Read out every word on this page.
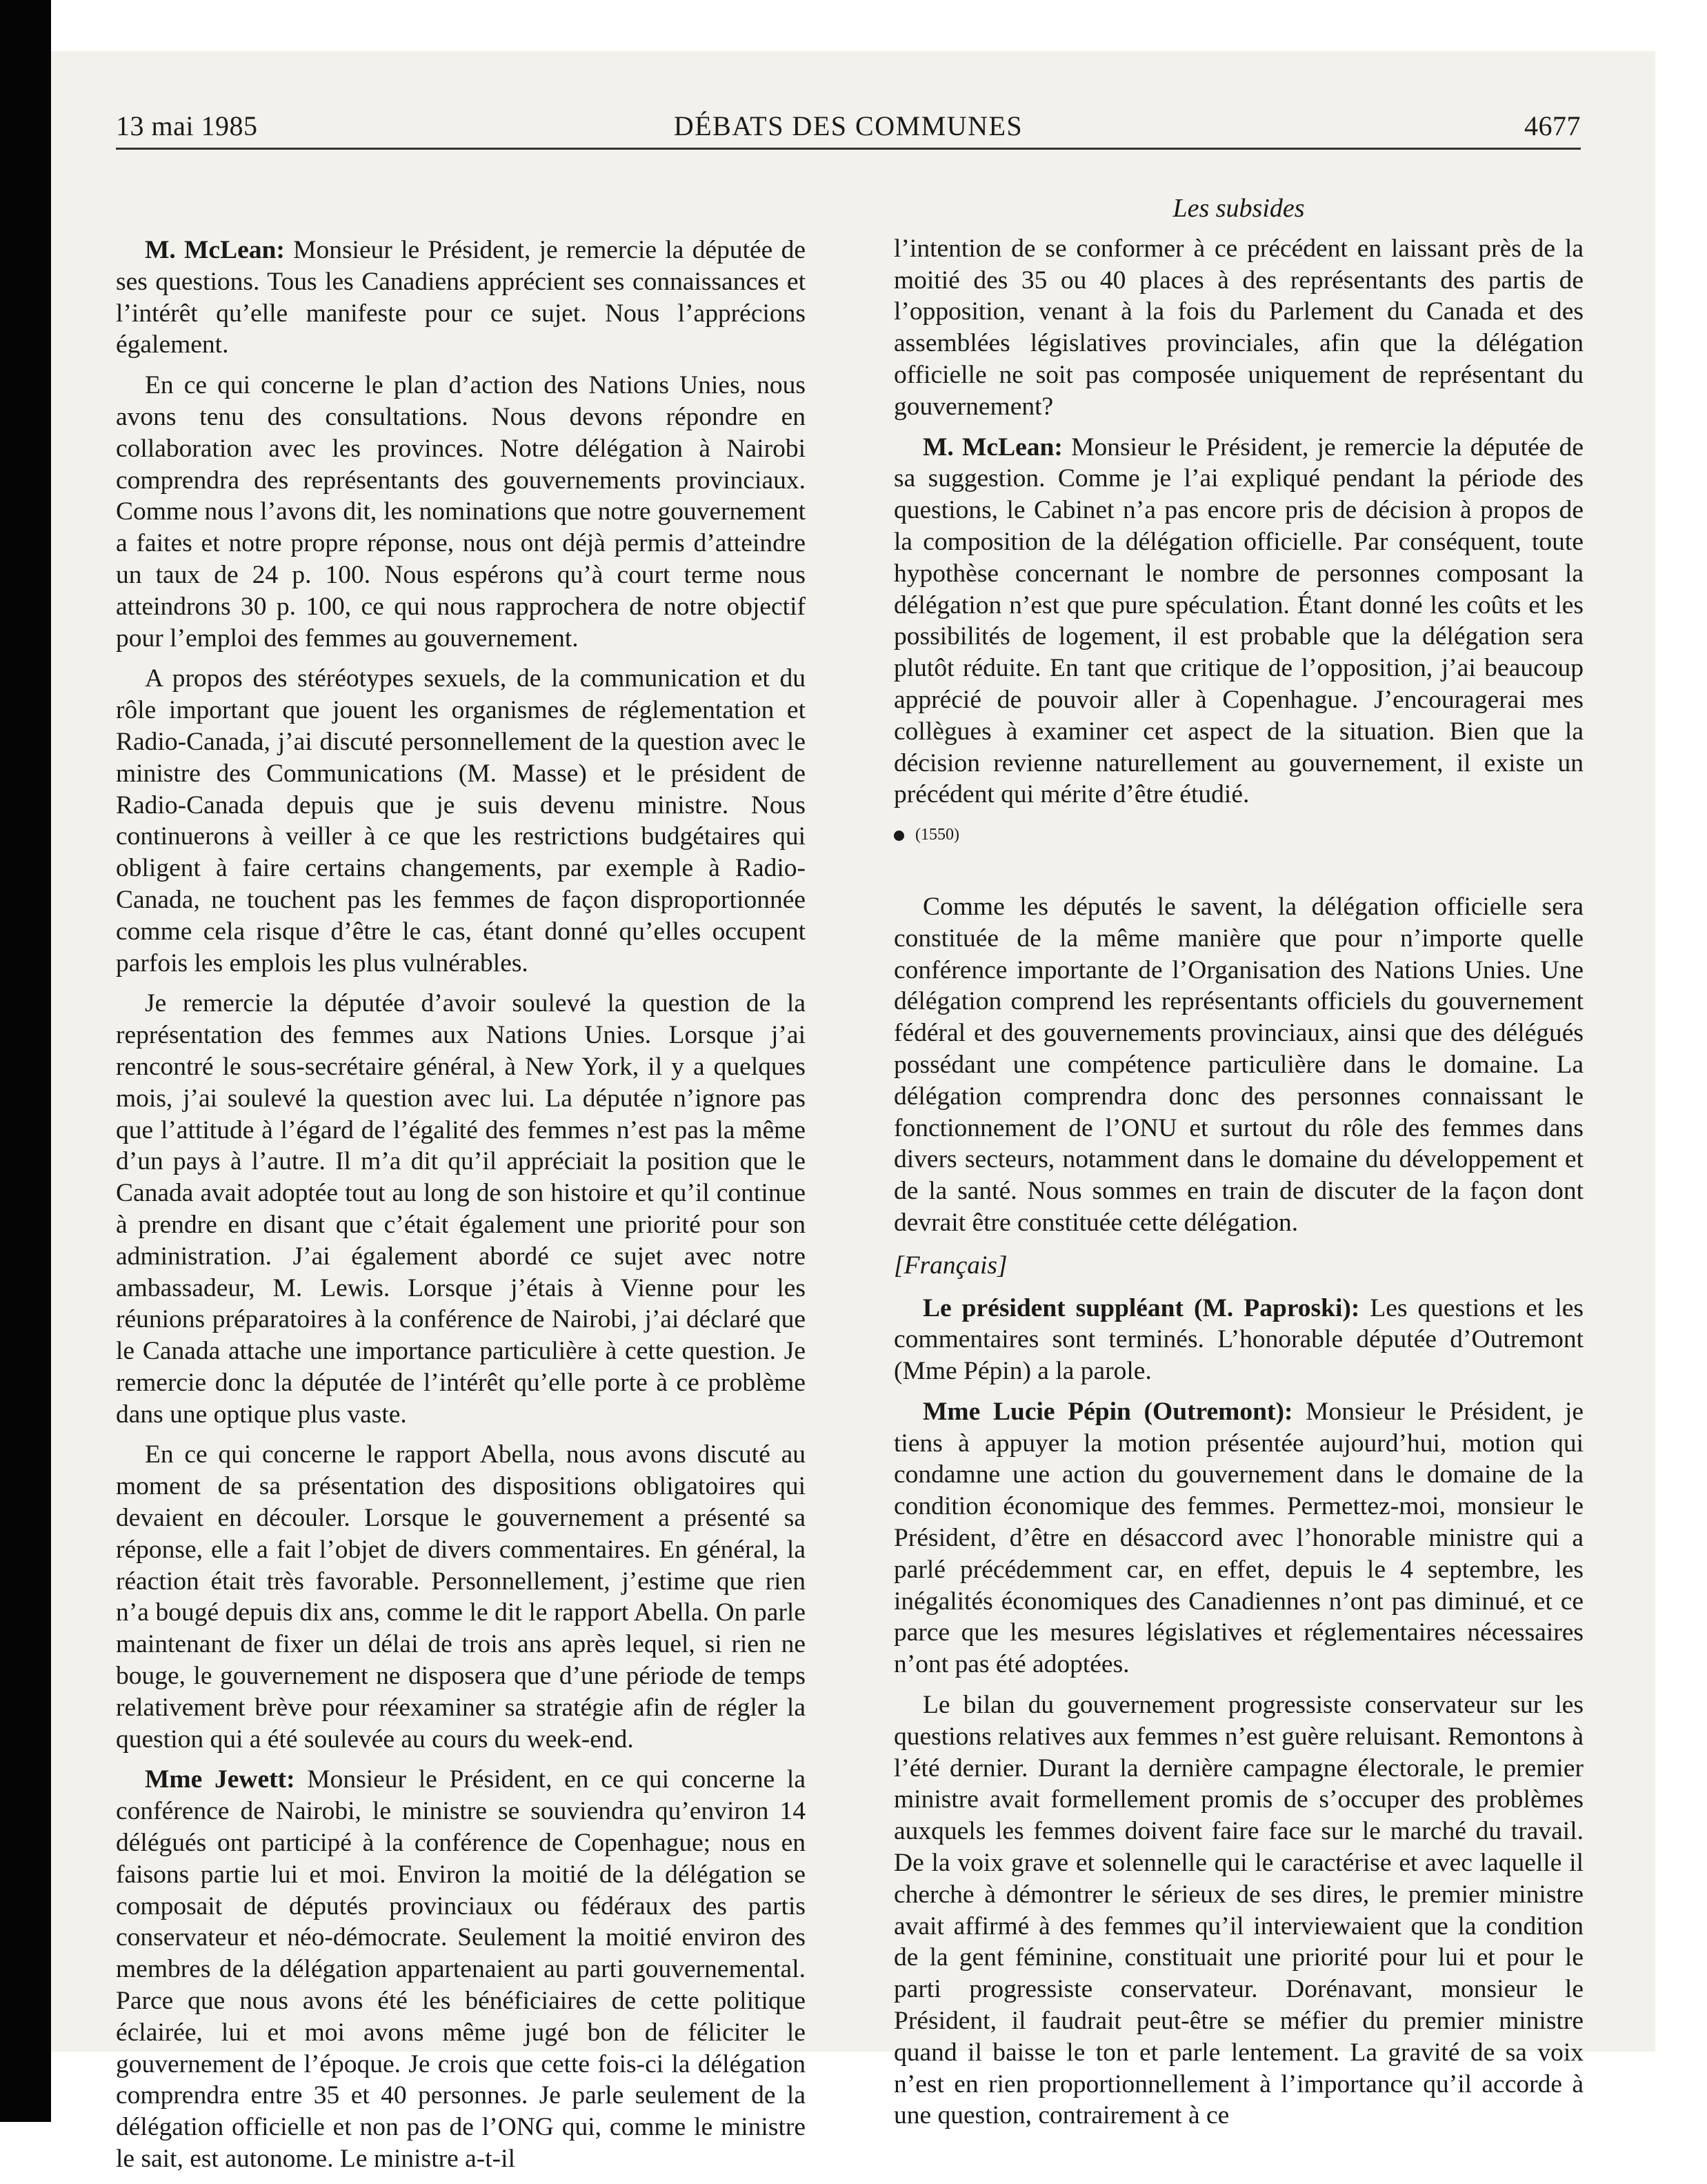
13 mai 1985	DÉBATS DES COMMUNES	4677

M. McLean: Monsieur le Président, je remercie la députée de ses questions. Tous les Canadiens apprécient ses connaissances et l’intérêt qu’elle manifeste pour ce sujet. Nous l’apprécions également.

En ce qui concerne le plan d’action des Nations Unies, nous avons tenu des consultations. Nous devons répondre en collaboration avec les provinces. Notre délégation à Nairobi comprendra des représentants des gouvernements provinciaux. Comme nous l’avons dit, les nominations que notre gouvernement a faites et notre propre réponse, nous ont déjà permis d’atteindre un taux de 24 p. 100. Nous espérons qu’à court terme nous atteindrons 30 p. 100, ce qui nous rapprochera de notre objectif pour l’emploi des femmes au gouvernement.

A propos des stéréotypes sexuels, de la communication et du rôle important que jouent les organismes de réglementation et Radio-Canada, j’ai discuté personnellement de la question avec le ministre des Communications (M. Masse) et le président de Radio-Canada depuis que je suis devenu ministre. Nous continuerons à veiller à ce que les restrictions budgétaires qui obligent à faire certains changements, par exemple à Radio-Canada, ne touchent pas les femmes de façon disproportionnée comme cela risque d’être le cas, étant donné qu’elles occupent parfois les emplois les plus vulnérables.

Je remercie la députée d’avoir soulevé la question de la représentation des femmes aux Nations Unies. Lorsque j’ai rencontré le sous-secrétaire général, à New York, il y a quelques mois, j’ai soulevé la question avec lui. La députée n’ignore pas que l’attitude à l’égard de l’égalité des femmes n’est pas la même d’un pays à l’autre. Il m’a dit qu’il appréciait la position que le Canada avait adoptée tout au long de son histoire et qu’il continue à prendre en disant que c’était également une priorité pour son administration. J’ai également abordé ce sujet avec notre ambassadeur, M. Lewis. Lorsque j’étais à Vienne pour les réunions préparatoires à la conférence de Nairobi, j’ai déclaré que le Canada attache une importance particulière à cette question. Je remercie donc la députée de l’intérêt qu’elle porte à ce problème dans une optique plus vaste.

En ce qui concerne le rapport Abella, nous avons discuté au moment de sa présentation des dispositions obligatoires qui devaient en découler. Lorsque le gouvernement a présenté sa réponse, elle a fait l’objet de divers commentaires. En général, la réaction était très favorable. Personnellement, j’estime que rien n’a bougé depuis dix ans, comme le dit le rapport Abella. On parle maintenant de fixer un délai de trois ans après lequel, si rien ne bouge, le gouvernement ne disposera que d’une période de temps relativement brève pour réexaminer sa stratégie afin de régler la question qui a été soulevée au cours du week-end.

Mme Jewett: Monsieur le Président, en ce qui concerne la conférence de Nairobi, le ministre se souviendra qu’environ 14 délégués ont participé à la conférence de Copenhague; nous en faisons partie lui et moi. Environ la moitié de la délégation se composait de députés provinciaux ou fédéraux des partis conservateur et néo-démocrate. Seulement la moitié environ des membres de la délégation appartenaient au parti gouvernemental. Parce que nous avons été les bénéficiaires de cette politique éclairée, lui et moi avons même jugé bon de féliciter le gouvernement de l’époque. Je crois que cette fois-ci la délégation comprendra entre 35 et 40 personnes. Je parle seulement de la délégation officielle et non pas de l’ONG qui, comme le ministre le sait, est autonome. Le ministre a-t-il

Les subsides

l’intention de se conformer à ce précédent en laissant près de la moitié des 35 ou 40 places à des représentants des partis de l’opposition, venant à la fois du Parlement du Canada et des assemblées législatives provinciales, afin que la délégation officielle ne soit pas composée uniquement de représentant du gouvernement?

M. McLean: Monsieur le Président, je remercie la députée de sa suggestion. Comme je l’ai expliqué pendant la période des questions, le Cabinet n’a pas encore pris de décision à propos de la composition de la délégation officielle. Par conséquent, toute hypothèse concernant le nombre de personnes composant la délégation n’est que pure spéculation. Étant donné les coûts et les possibilités de logement, il est probable que la délégation sera plutôt réduite. En tant que critique de l’opposition, j’ai beaucoup apprécié de pouvoir aller à Copenhague. J’encouragerai mes collègues à examiner cet aspect de la situation. Bien que la décision revienne naturellement au gouvernement, il existe un précédent qui mérite d’être étudié.

(1550)

Comme les députés le savent, la délégation officielle sera constituée de la même manière que pour n’importe quelle conférence importante de l’Organisation des Nations Unies. Une délégation comprend les représentants officiels du gouvernement fédéral et des gouvernements provinciaux, ainsi que des délégués possédant une compétence particulière dans le domaine. La délégation comprendra donc des personnes connaissant le fonctionnement de l’ONU et surtout du rôle des femmes dans divers secteurs, notamment dans le domaine du développement et de la santé. Nous sommes en train de discuter de la façon dont devrait être constituée cette délégation.

[Français]

Le président suppléant (M. Paproski): Les questions et les commentaires sont terminés. L’honorable députée d’Outremont (Mme Pépin) a la parole.

Mme Lucie Pépin (Outremont): Monsieur le Président, je tiens à appuyer la motion présentée aujourd’hui, motion qui condamne une action du gouvernement dans le domaine de la condition économique des femmes. Permettez-moi, monsieur le Président, d’être en désaccord avec l’honorable ministre qui a parlé précédemment car, en effet, depuis le 4 septembre, les inégalités économiques des Canadiennes n’ont pas diminué, et ce parce que les mesures législatives et réglementaires nécessaires n’ont pas été adoptées.

Le bilan du gouvernement progressiste conservateur sur les questions relatives aux femmes n’est guère reluisant. Remontons à l’été dernier. Durant la dernière campagne électorale, le premier ministre avait formellement promis de s’occuper des problèmes auxquels les femmes doivent faire face sur le marché du travail. De la voix grave et solennelle qui le caractérise et avec laquelle il cherche à démontrer le sérieux de ses dires, le premier ministre avait affirmé à des femmes qu’il interviewaient que la condition de la gent féminine, constituait une priorité pour lui et pour le parti progressiste conservateur. Dorénavant, monsieur le Président, il faudrait peut-être se méfier du premier ministre quand il baisse le ton et parle lentement. La gravité de sa voix n’est en rien proportionnellement à l’importance qu’il accorde à une question, contrairement à ce
